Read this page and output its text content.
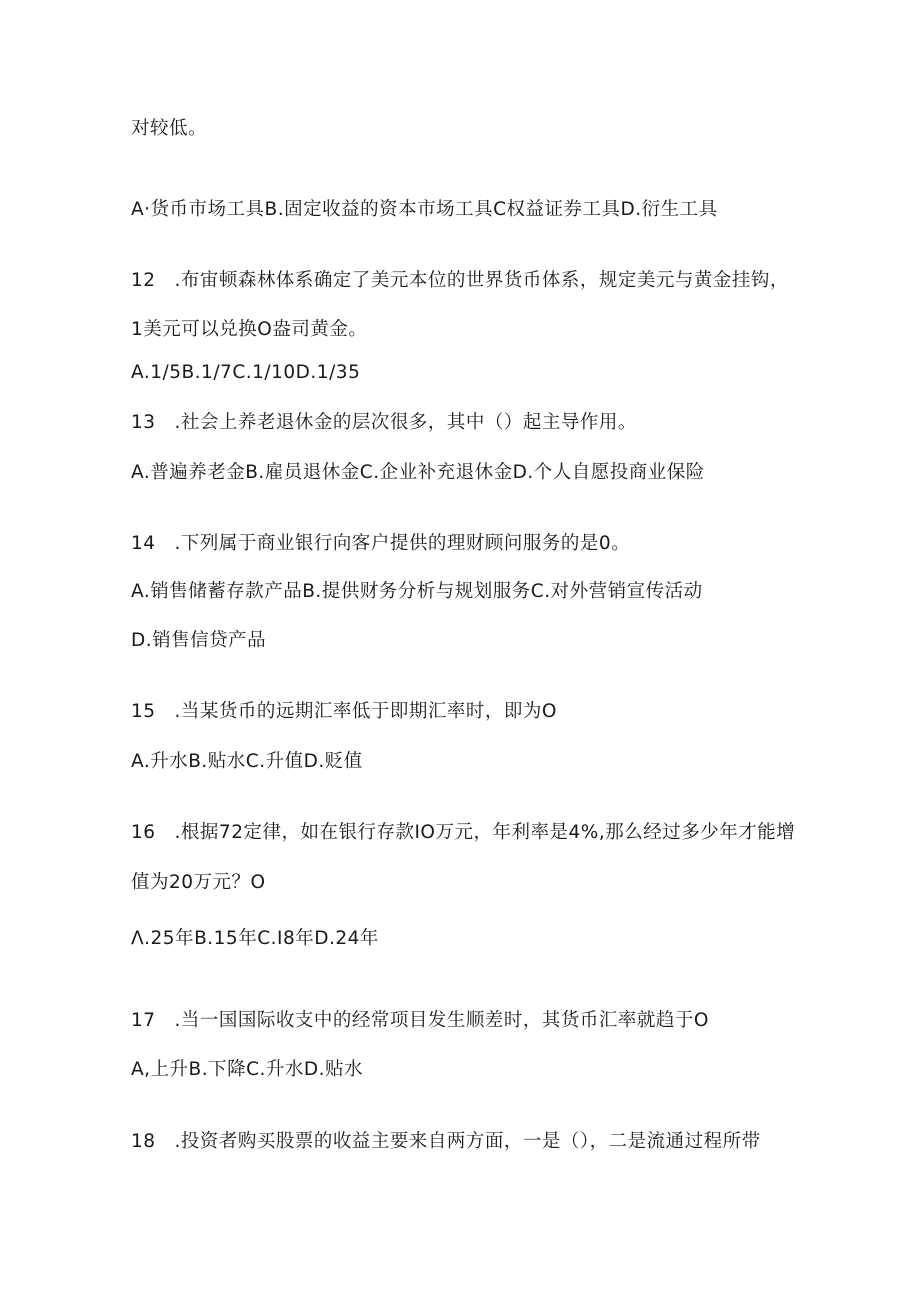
对较低。
A·货币市场工具B.固定收益的资本市场工具C权益证券工具D.衍生工具
12　.布宙顿森林体系确定了美元本位的世界货币体系，规定美元与黄金挂钩，
1美元可以兑换O盎司黄金。
A.1/5B.1/7C.1/10D.1/35
13　.社会上养老退休金的层次很多，其中（）起主导作用。
A.普遍养老金B.雇员退休金C.企业补充退休金D.个人自愿投商业保险
14　.下列属于商业银行向客户提供的理财顾问服务的是0。
A.销售储蓄存款产品B.提供财务分析与规划服务C.对外营销宣传活动
D.销售信贷产品
15　.当某货币的远期汇率低于即期汇率时，即为O
A.升水B.贴水C.升值D.贬值
16　.根据72定律，如在银行存款IO万元，年利率是4%,那么经过多少年才能增
值为20万元？O
Λ.25年B.15年C.I8年D.24年
17　.当一国国际收支中的经常项目发生顺差时，其货币汇率就趋于O
A,上升B.下降C.升水D.贴水
18　.投资者购买股票的收益主要来自两方面，一是（），二是流通过程所带
